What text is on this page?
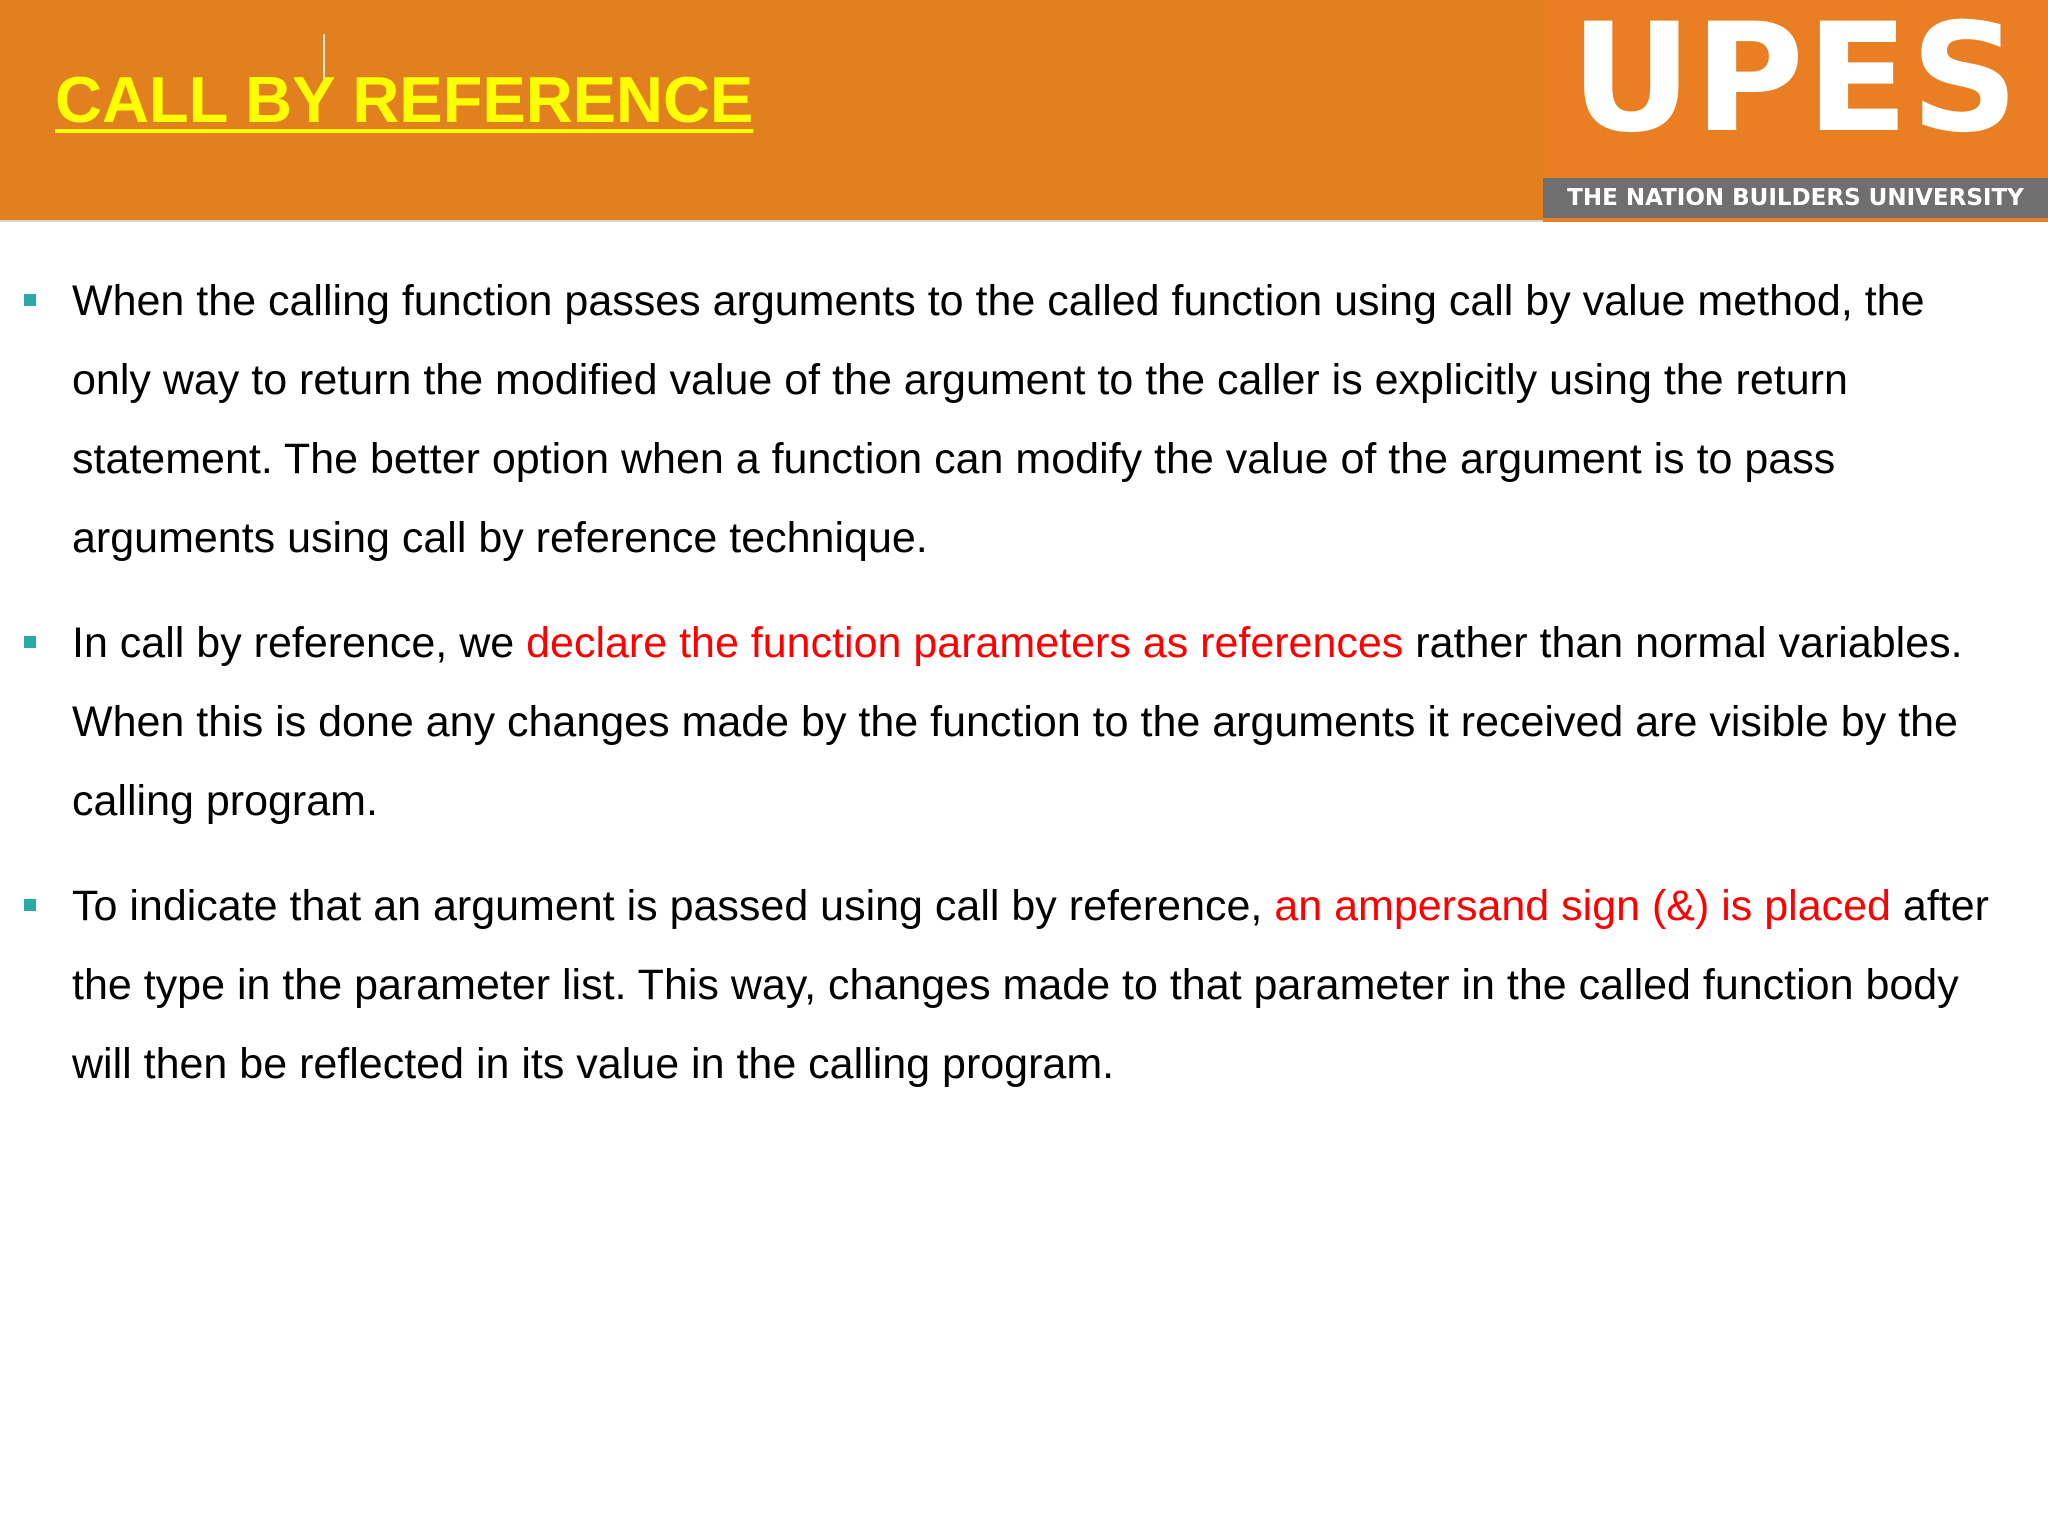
CALL BY REFERENCE	UPES
THE NATION BUILDERS UNIVERSITY
When the calling function passes arguments to the called function using call by value method, the only way to return the modified value of the argument to the caller is explicitly using the return statement. The better option when a function can modify the value of the argument is to pass arguments using call by reference technique.
In call by reference, we declare the function parameters as references rather than normal variables. When this is done any changes made by the function to the arguments it received are visible by the calling program.
To indicate that an argument is passed using call by reference, an ampersand sign (&) is placed after the type in the parameter list. This way, changes made to that parameter in the called function body will then be reflected in its value in the calling program.
